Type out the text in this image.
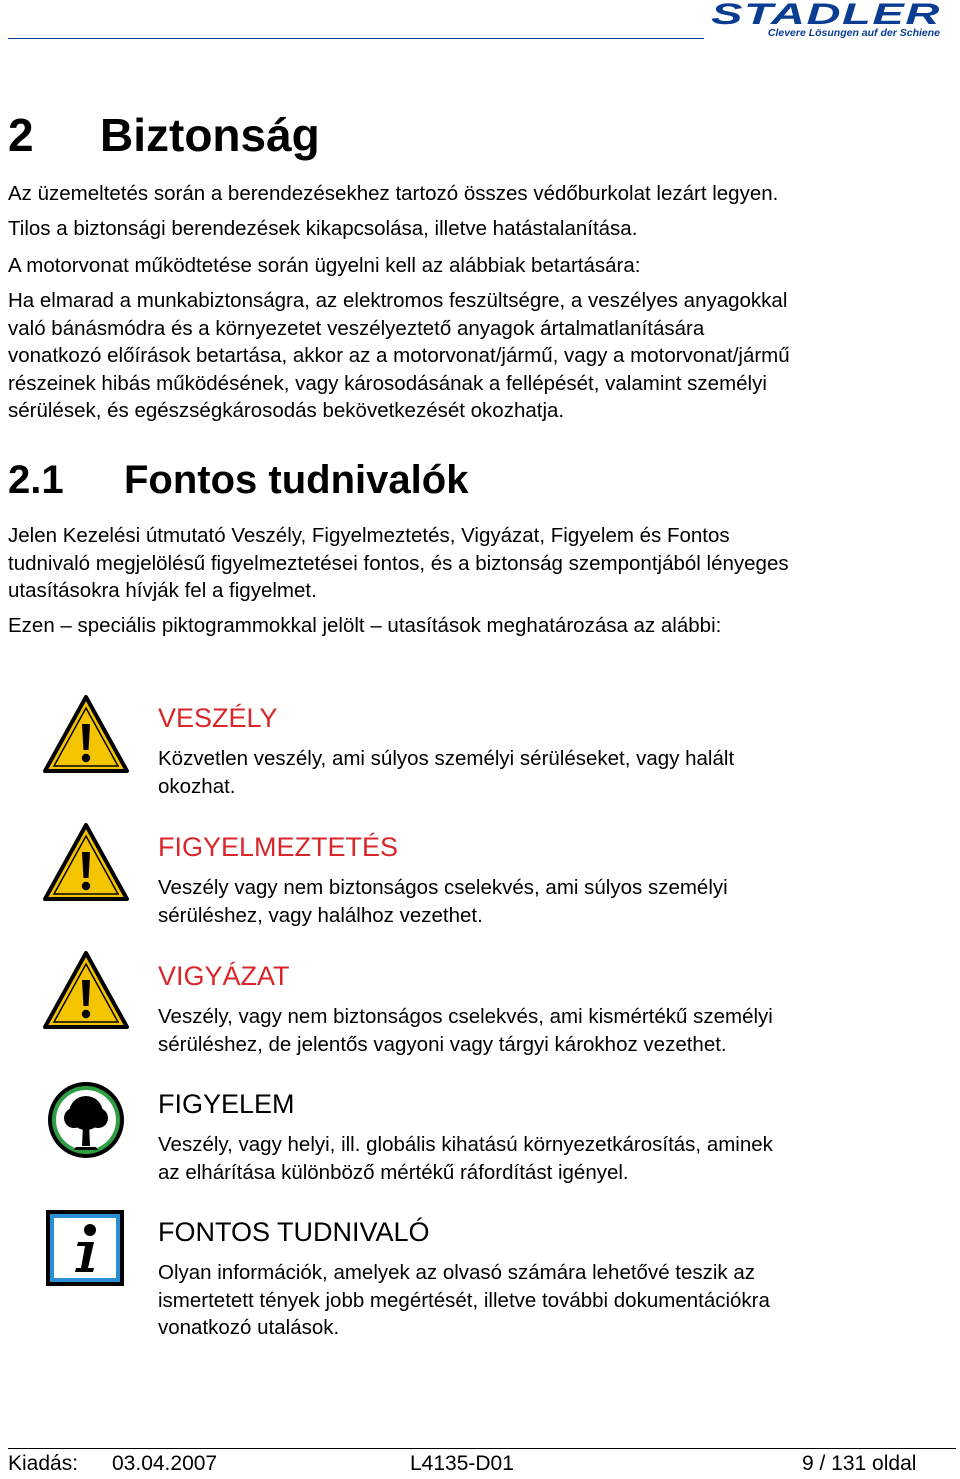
STADLER
Clevere Lösungen auf der Schiene
2 Biztonság
Az üzemeltetés során a berendezésekhez tartozó összes védőburkolat lezárt legyen.
Tilos a biztonsági berendezések kikapcsolása, illetve hatástalanítása.
A motorvonat működtetése során ügyelni kell az alábbiak betartására:
Ha elmarad a munkabiztonságra, az elektromos feszültségre, a veszélyes anyagokkal
való bánásmódra és a környezetet veszélyeztető anyagok ártalmatlanítására
vonatkozó előírások betartása, akkor az a motorvonat/jármű, vagy a motorvonat/jármű
részeinek hibás működésének, vagy károsodásának a fellépését, valamint személyi
sérülések, és egészségkárosodás bekövetkezését okozhatja.
2.1 Fontos tudnivalók
Jelen Kezelési útmutató Veszély, Figyelmeztetés, Vigyázat, Figyelem és Fontos
tudnivaló megjelölésű figyelmeztetései fontos, és a biztonság szempontjából lényeges
utasításokra hívják fel a figyelmet.
Ezen – speciális piktogrammokkal jelölt – utasítások meghatározása az alábbi:
VESZÉLY
Közvetlen veszély, ami súlyos személyi sérüléseket, vagy halált
okozhat.
FIGYELMEZTETÉS
Veszély vagy nem biztonságos cselekvés, ami súlyos személyi
sérüléshez, vagy halálhoz vezethet.
VIGYÁZAT
Veszély, vagy nem biztonságos cselekvés, ami kismértékű személyi
sérüléshez, de jelentős vagyoni vagy tárgyi károkhoz vezethet.
FIGYELEM
Veszély, vagy helyi, ill. globális kihatású környezetkárosítás, aminek
az elhárítása különböző mértékű ráfordítást igényel.
FONTOS TUDNIVALÓ
Olyan információk, amelyek az olvasó számára lehetővé teszik az
ismertetett tények jobb megértését, illetve további dokumentációkra
vonatkozó utalások.
Kiadás: 03.04.2007	L4135-D01	9 / 131 oldal
